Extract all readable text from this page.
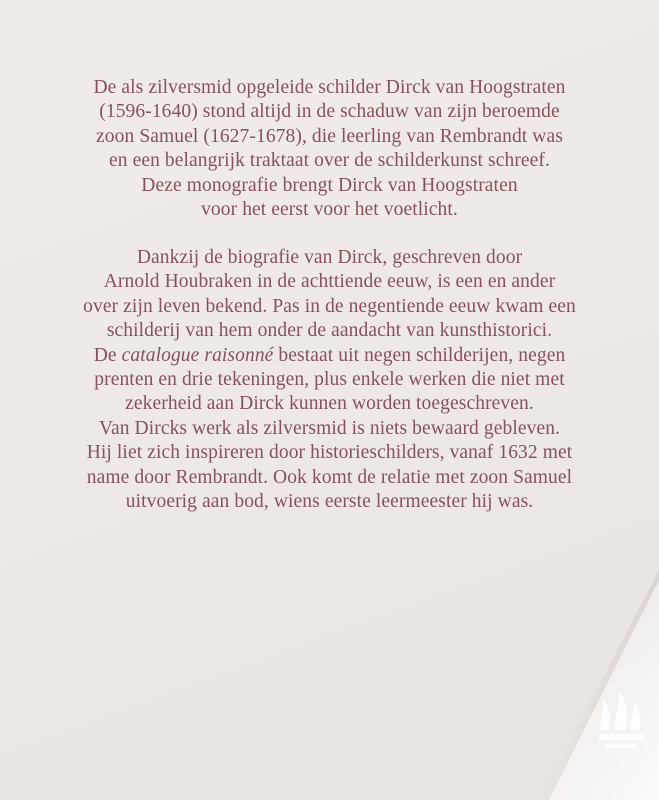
De als zilversmid opgeleide schilder Dirck van Hoogstraten
(1596-1640) stond altijd in de schaduw van zijn beroemde
zoon Samuel (1627-1678), die leerling van Rembrandt was
en een belangrijk traktaat over de schilderkunst schreef.
Deze monografie brengt Dirck van Hoogstraten
voor het eerst voor het voetlicht.
Dankzij de biografie van Dirck, geschreven door
Arnold Houbraken in de achttiende eeuw, is een en ander
over zijn leven bekend. Pas in de negentiende eeuw kwam een
schilderij van hem onder de aandacht van kunsthistorici.
De catalogue raisonné bestaat uit negen schilderijen, negen
prenten en drie tekeningen, plus enkele werken die niet met
zekerheid aan Dirck kunnen worden toegeschreven.
Van Dircks werk als zilversmid is niets bewaard gebleven.
Hij liet zich inspireren door historieschilders, vanaf 1632 met
name door Rembrandt. Ook komt de relatie met zoon Samuel
uitvoerig aan bod, wiens eerste leermeester hij was.
